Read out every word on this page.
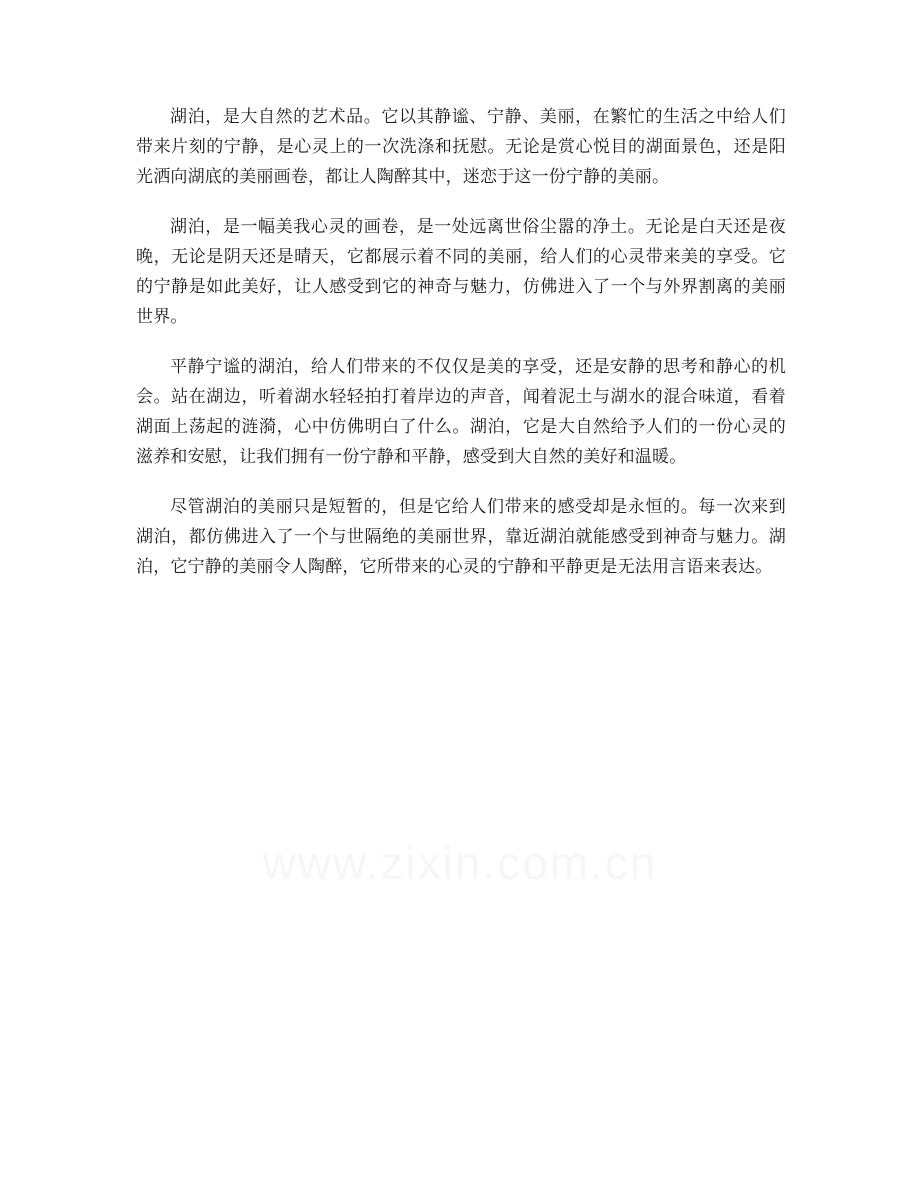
湖泊，是大自然的艺术品。它以其静谧、宁静、美丽，在繁忙的生活之中给人们带来片刻的宁静，是心灵上的一次洗涤和抚慰。无论是赏心悦目的湖面景色，还是阳光洒向湖底的美丽画卷，都让人陶醉其中，迷恋于这一份宁静的美丽。

湖泊，是一幅美我心灵的画卷，是一处远离世俗尘嚣的净土。无论是白天还是夜晚，无论是阴天还是晴天，它都展示着不同的美丽，给人们的心灵带来美的享受。它的宁静是如此美好，让人感受到它的神奇与魅力，仿佛进入了一个与外界割离的美丽世界。

平静宁谧的湖泊，给人们带来的不仅仅是美的享受，还是安静的思考和静心的机会。站在湖边，听着湖水轻轻拍打着岸边的声音，闻着泥土与湖水的混合味道，看着湖面上荡起的涟漪，心中仿佛明白了什么。湖泊，它是大自然给予人们的一份心灵的滋养和安慰，让我们拥有一份宁静和平静，感受到大自然的美好和温暖。

尽管湖泊的美丽只是短暂的，但是它给人们带来的感受却是永恒的。每一次来到湖泊，都仿佛进入了一个与世隔绝的美丽世界，靠近湖泊就能感受到神奇与魅力。湖泊，它宁静的美丽令人陶醉，它所带来的心灵的宁静和平静更是无法用言语来表达。
